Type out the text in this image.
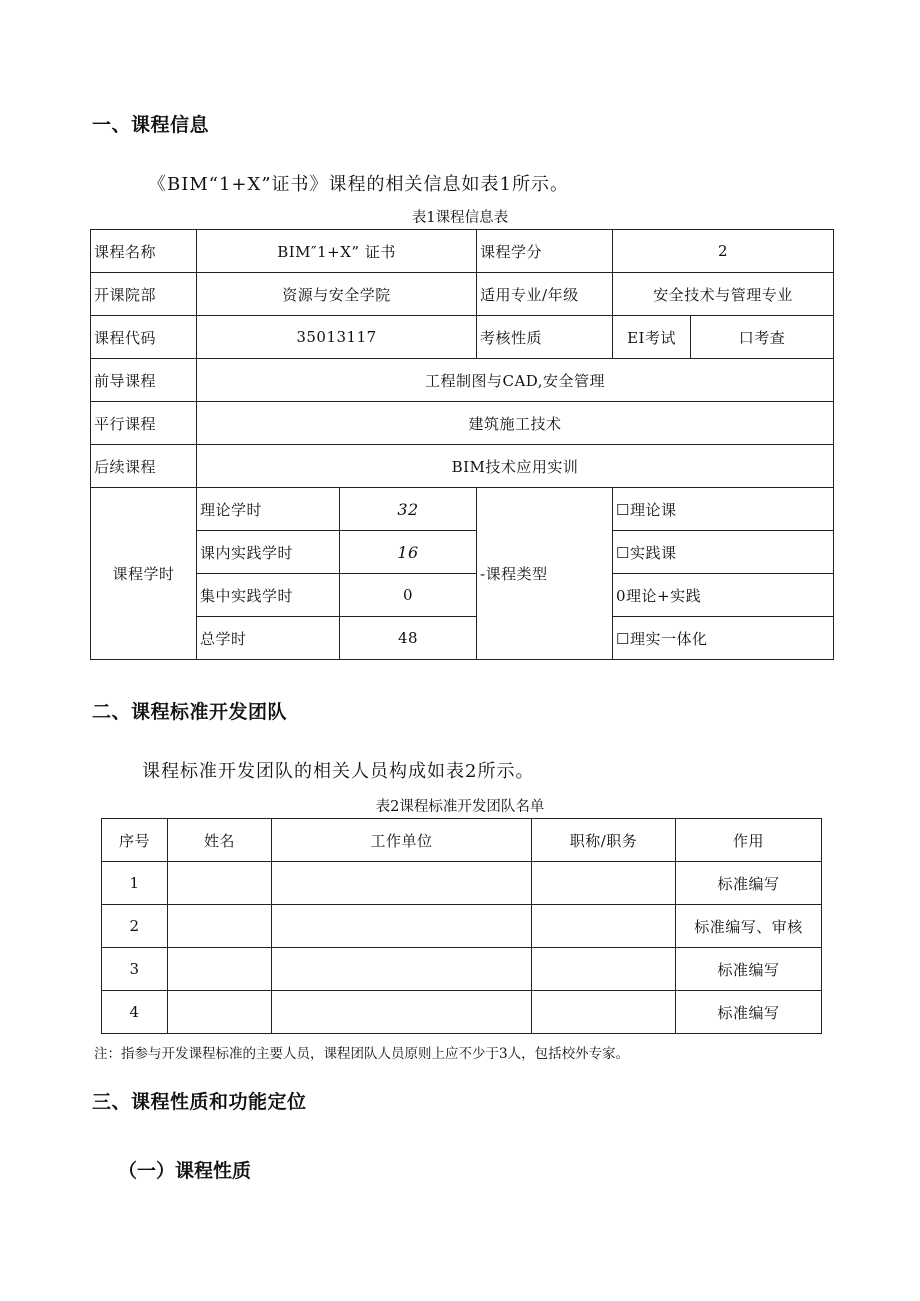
一、课程信息
《BIM“1+X”证书》课程的相关信息如表1所示。
表1课程信息表
课程名称	BIM″1+X” 证书		课程学分	2	
开课院部	资源与安全学院		适用专业/年级	安全技术与管理专业	
课程代码	35013117		考核性质	EI考试	口考查
前导课程	工程制图与CAD,安全管理				
平行课程	建筑施工技术				
后续课程	BIM技术应用实训				
课程学时	理论学时	32	-课程类型	☐理论课	
	课内实践学时	16		☐实践课	
	集中实践学时	0		0理论+实践	
	总学时	48		☐理实一体化	
二、课程标准开发团队
课程标准开发团队的相关人员构成如表2所示。
表2课程标准开发团队名单
序号	姓名	工作单位	职称/职务	作用
1				标准编写
2				标准编写、审核
3				标准编写
4				标准编写
注：指参与开发课程标准的主要人员，课程团队人员原则上应不少于3人，包括校外专家。
三、课程性质和功能定位
（一）课程性质
